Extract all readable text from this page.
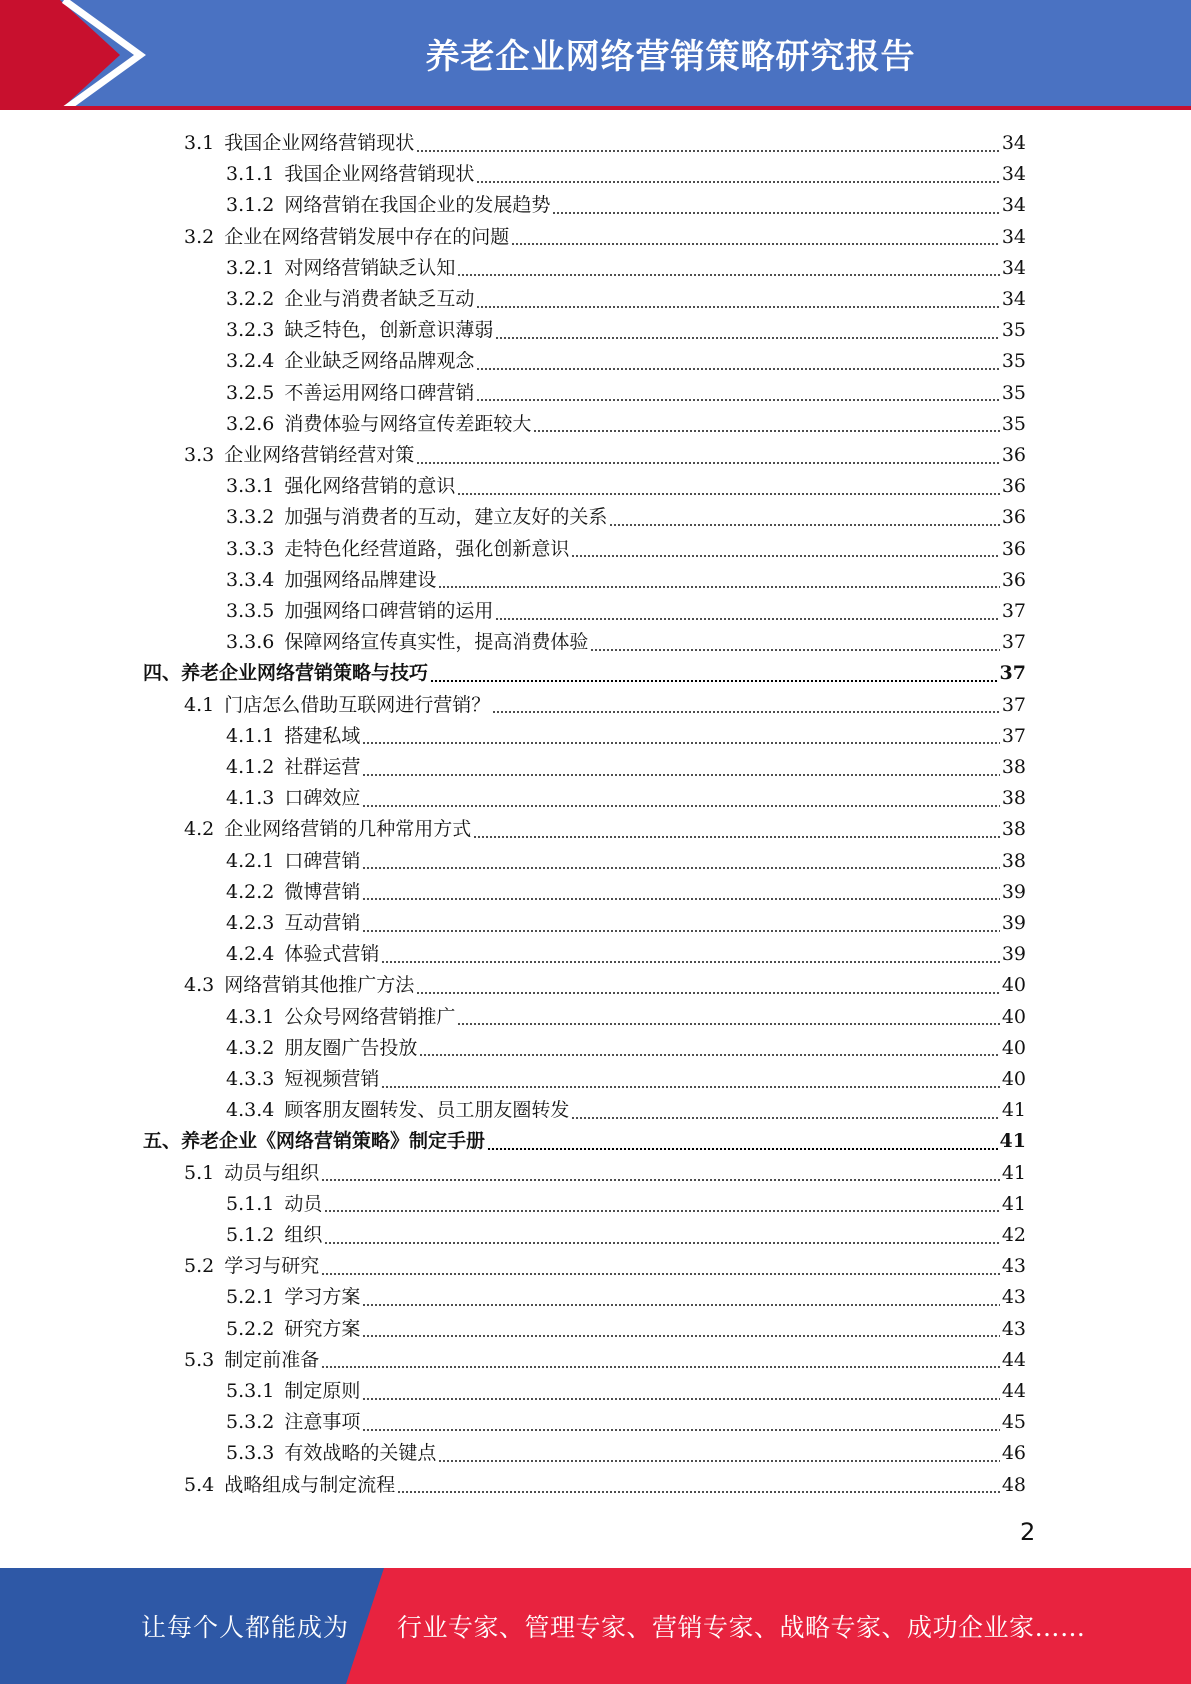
养老企业网络营销策略研究报告
3.1 我国企业网络营销现状	34
3.1.1 我国企业网络营销现状	34
3.1.2 网络营销在我国企业的发展趋势	34
3.2 企业在网络营销发展中存在的问题	34
3.2.1 对网络营销缺乏认知	34
3.2.2 企业与消费者缺乏互动	34
3.2.3 缺乏特色，创新意识薄弱	35
3.2.4 企业缺乏网络品牌观念	35
3.2.5 不善运用网络口碑营销	35
3.2.6 消费体验与网络宣传差距较大	35
3.3 企业网络营销经营对策	36
3.3.1 强化网络营销的意识	36
3.3.2 加强与消费者的互动，建立友好的关系	36
3.3.3 走特色化经营道路，强化创新意识	36
3.3.4 加强网络品牌建设	36
3.3.5 加强网络口碑营销的运用	37
3.3.6 保障网络宣传真实性，提高消费体验	37
四、养老企业网络营销策略与技巧	37
4.1 门店怎么借助互联网进行营销？	37
4.1.1 搭建私域	37
4.1.2 社群运营	38
4.1.3 口碑效应	38
4.2 企业网络营销的几种常用方式	38
4.2.1 口碑营销	38
4.2.2 微博营销	39
4.2.3 互动营销	39
4.2.4 体验式营销	39
4.3 网络营销其他推广方法	40
4.3.1 公众号网络营销推广	40
4.3.2 朋友圈广告投放	40
4.3.3 短视频营销	40
4.3.4 顾客朋友圈转发、员工朋友圈转发	41
五、养老企业《网络营销策略》制定手册	41
5.1 动员与组织	41
5.1.1 动员	41
5.1.2 组织	42
5.2 学习与研究	43
5.2.1 学习方案	43
5.2.2 研究方案	43
5.3 制定前准备	44
5.3.1 制定原则	44
5.3.2 注意事项	45
5.3.3 有效战略的关键点	46
5.4 战略组成与制定流程	48
2
让每个人都能成为 行业专家、管理专家、营销专家、战略专家、成功企业家……
